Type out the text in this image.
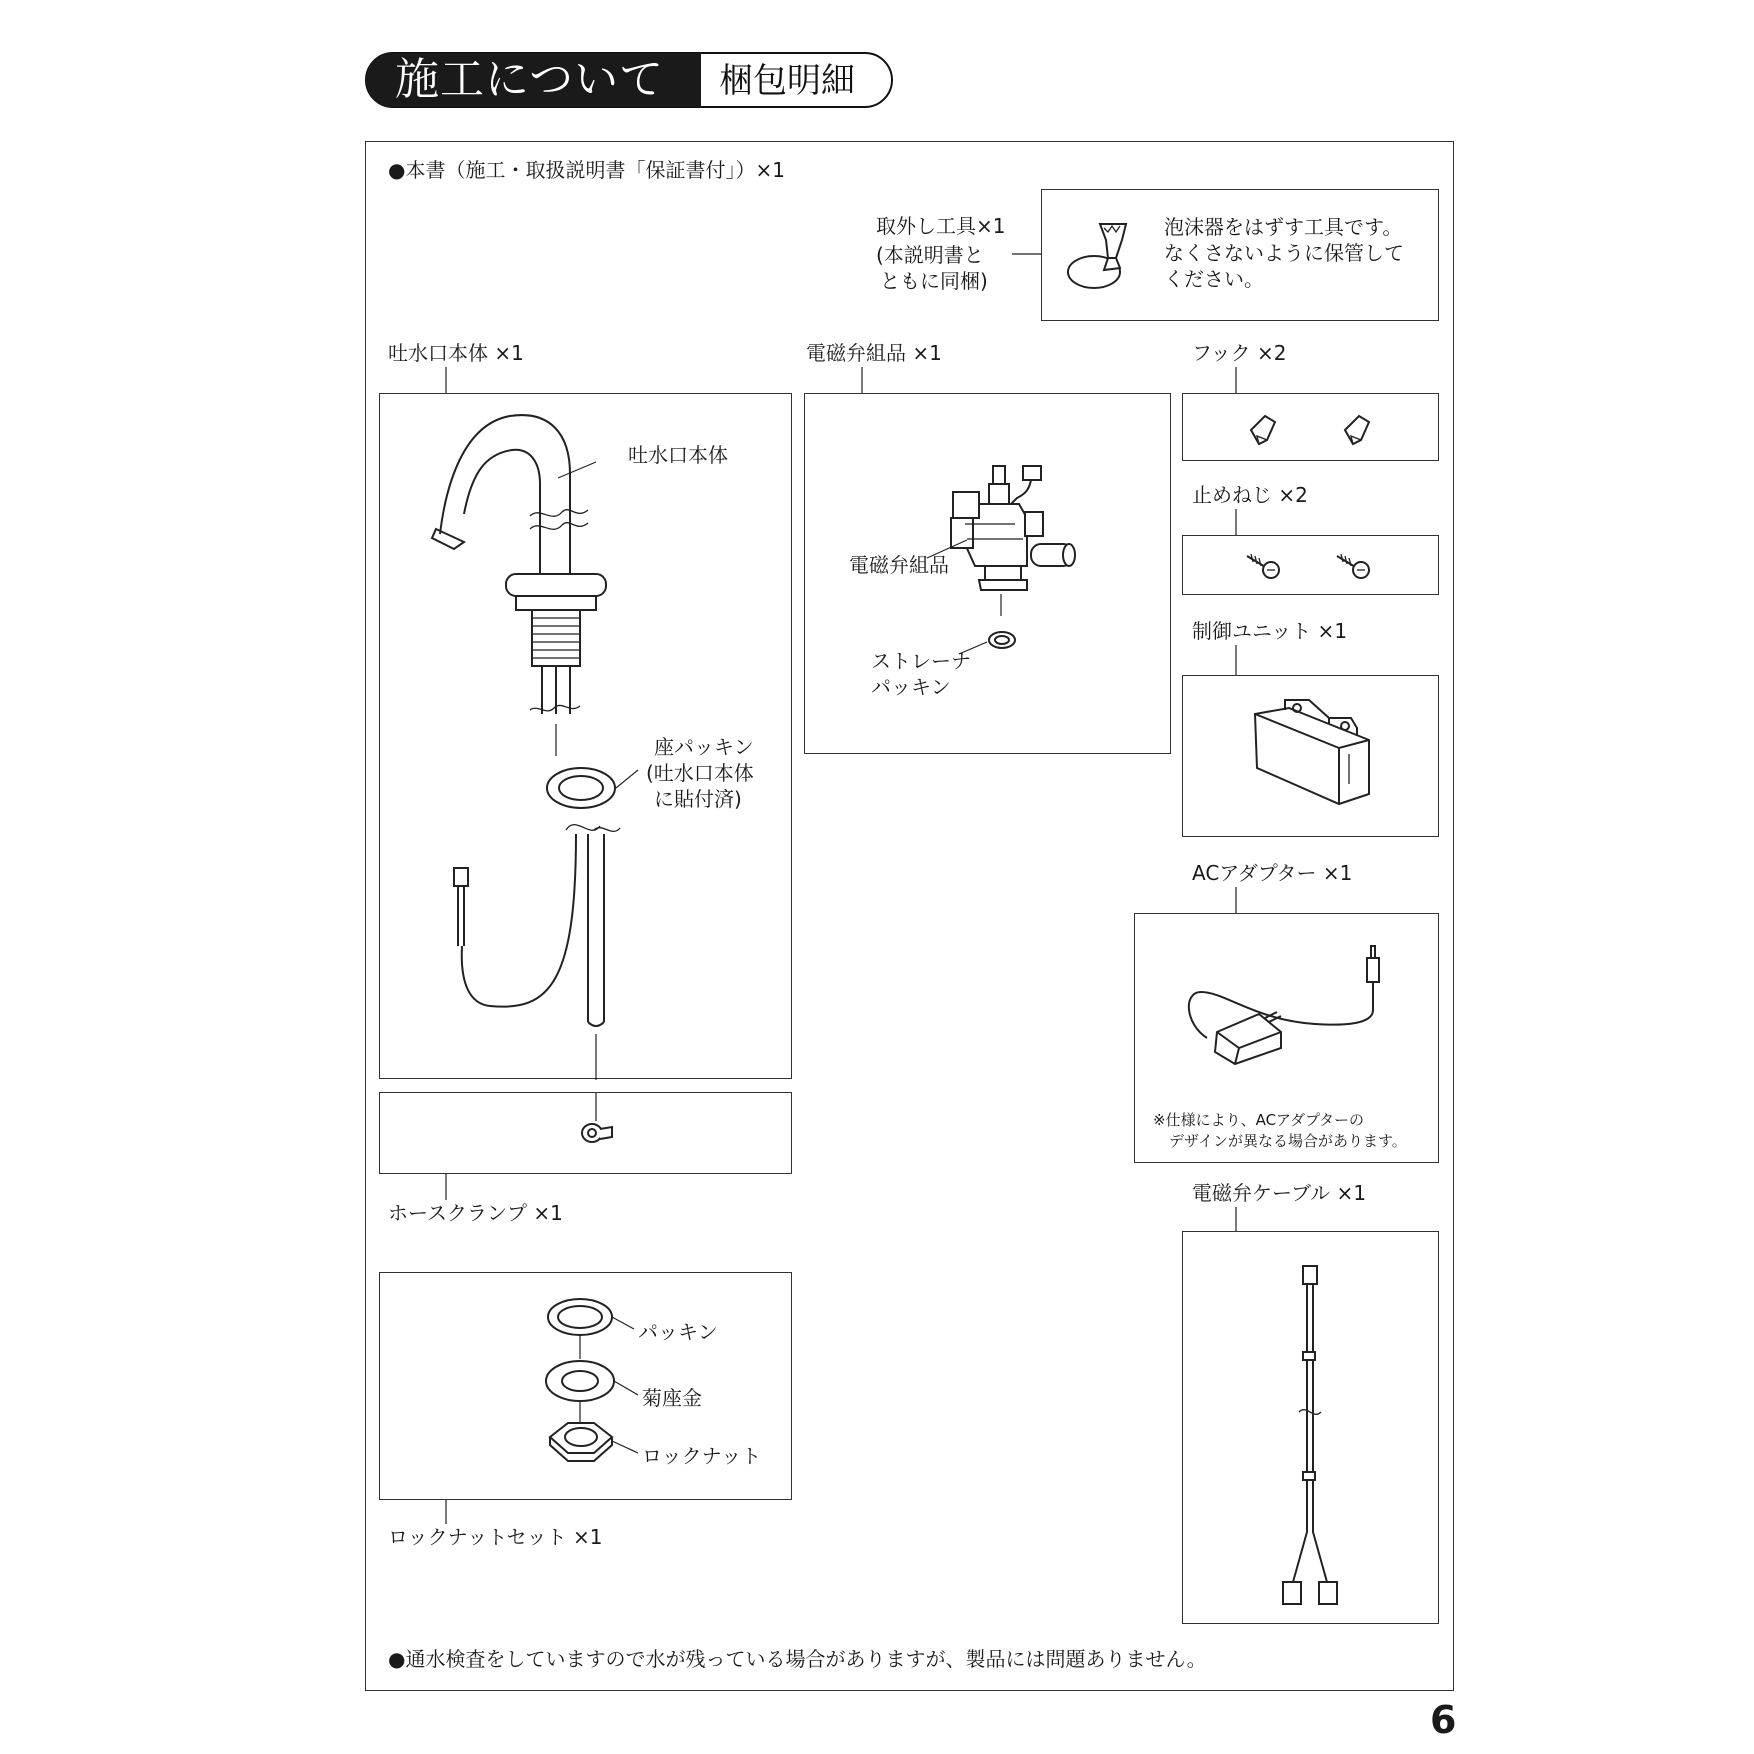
施工について 梱包明細
●本書（施工・取扱説明書「保証書付」）×1
取外し工具×1
(本説明書と
ともに同梱)
泡沫器をはずす工具です。
なくさないように保管して
ください。
吐水口本体 ×1
吐水口本体
座パッキン
(吐水口本体
に貼付済)
ホースクランプ ×1
パッキン
菊座金
ロックナット
ロックナットセット ×1
電磁弁組品 ×1
電磁弁組品
ストレーナ
パッキン
フック ×2
止めねじ ×2
制御ユニット ×1
ACアダプター ×1
※仕様により、ACアダプターの
デザインが異なる場合があります。
電磁弁ケーブル ×1
●通水検査をしていますので水が残っている場合がありますが、製品には問題ありません。
6
